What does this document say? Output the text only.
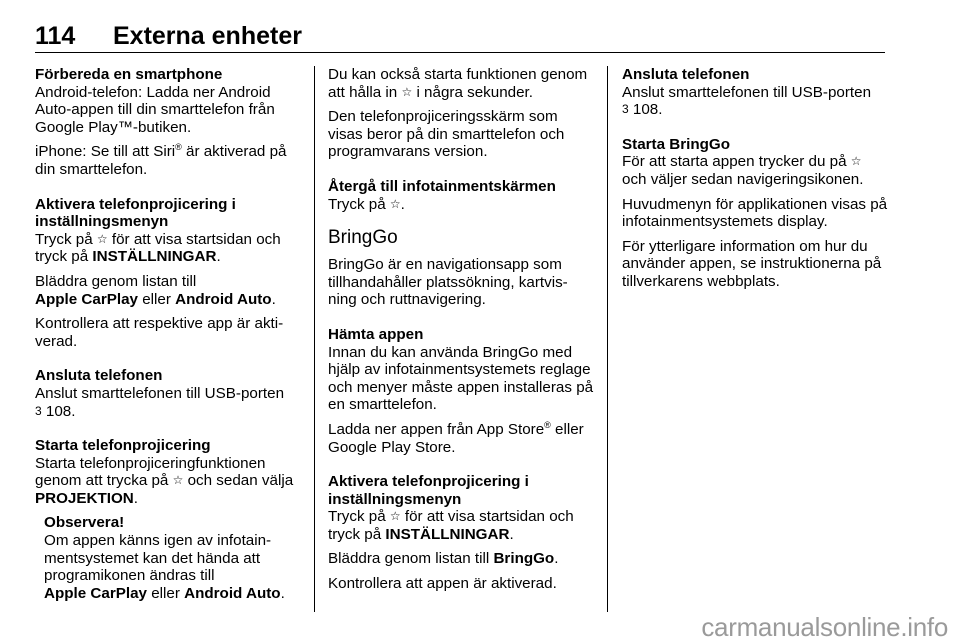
114 Externa enheter

Förbereda en smartphone

Android-telefon: Ladda ner Android Auto-appen till din smarttelefon från Google Play™-butiken.

iPhone: Se till att Siri® är aktiverad på din smarttelefon.

Aktivera telefonprojicering i inställningsmenyn

Tryck på ☆ för att visa startsidan och tryck på INSTÄLLNINGAR.

Bläddra genom listan till
Apple CarPlay eller Android Auto.

Kontrollera att respektive app är akti-verad.

Ansluta telefonen

Anslut smarttelefonen till USB-porten
3 108.

Starta telefonprojicering

Starta telefonprojiceringfunktionen genom att trycka på ☆ och sedan välja PROJEKTION.

Observera!

Om appen känns igen av infotain-mentsystemet kan det hända att programikonen ändras till
Apple CarPlay eller Android Auto.

Du kan också starta funktionen genom att hålla in ☆ i några sekunder.

Den telefonprojiceringsskärm som visas beror på din smarttelefon och programvarans version.

Återgå till infotainmentskärmen

Tryck på ☆.

BringGo

BringGo är en navigationsapp som tillhandahåller platssökning, kartvis-ning och ruttnavigering.

Hämta appen

Innan du kan använda BringGo med hjälp av infotainmentsystemets reglage och menyer måste appen installeras på en smarttelefon.

Ladda ner appen från App Store® eller Google Play Store.

Aktivera telefonprojicering i inställningsmenyn

Tryck på ☆ för att visa startsidan och tryck på INSTÄLLNINGAR.

Bläddra genom listan till BringGo.

Kontrollera att appen är aktiverad.

Ansluta telefonen

Anslut smarttelefonen till USB-porten
3 108.

Starta BringGo

För att starta appen trycker du på ☆ och väljer sedan navigeringsikonen.

Huvudmenyn för applikationen visas på infotainmentsystemets display.

För ytterligare information om hur du använder appen, se instruktionerna på tillverkarens webbplats.

carmanualsonline.info
